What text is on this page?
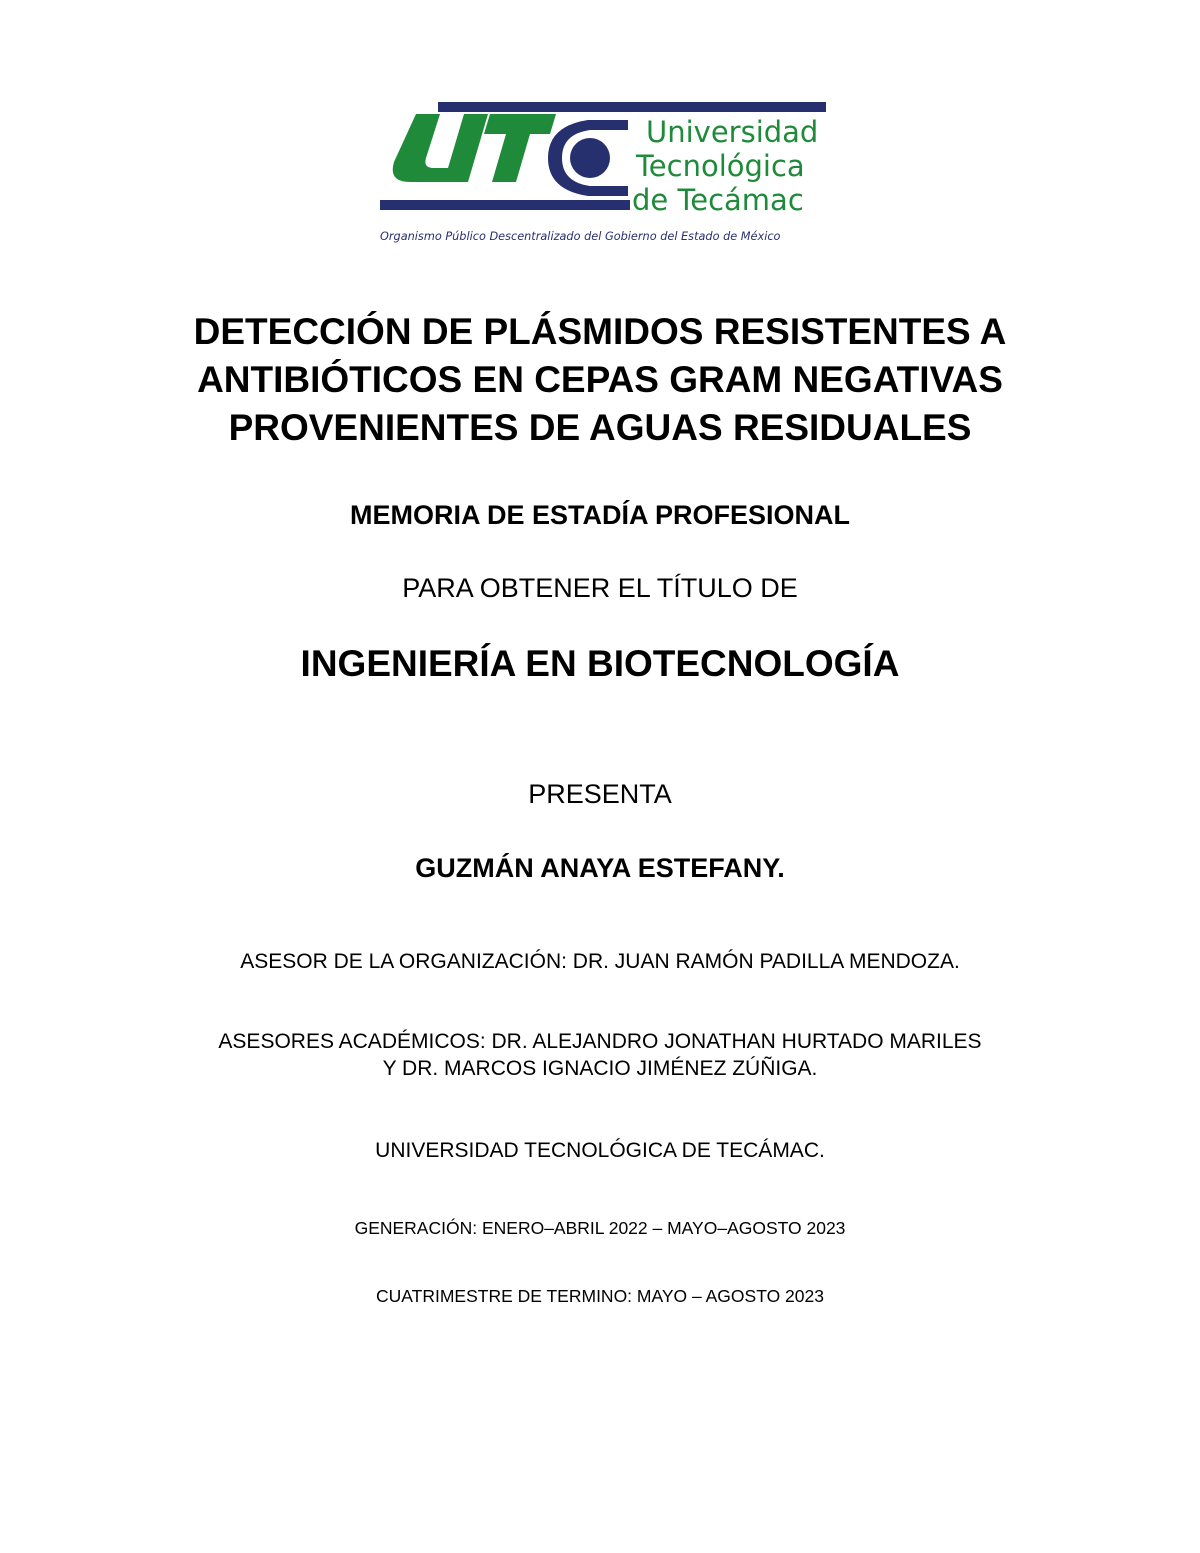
Universidad
Tecnológica
de Tecámac
Organismo Público Descentralizado del Gobierno del Estado de México
DETECCIÓN DE PLÁSMIDOS RESISTENTES A
ANTIBIÓTICOS EN CEPAS GRAM NEGATIVAS
PROVENIENTES DE AGUAS RESIDUALES
MEMORIA DE ESTADÍA PROFESIONAL
PARA OBTENER EL TÍTULO DE
INGENIERÍA EN BIOTECNOLOGÍA
PRESENTA
GUZMÁN ANAYA ESTEFANY.
ASESOR DE LA ORGANIZACIÓN: DR. JUAN RAMÓN PADILLA MENDOZA.
ASESORES ACADÉMICOS: DR. ALEJANDRO JONATHAN HURTADO MARILES
Y DR. MARCOS IGNACIO JIMÉNEZ ZÚÑIGA.
UNIVERSIDAD TECNOLÓGICA DE TECÁMAC.
GENERACIÓN: ENERO–ABRIL 2022 – MAYO–AGOSTO 2023
CUATRIMESTRE DE TERMINO: MAYO – AGOSTO 2023
